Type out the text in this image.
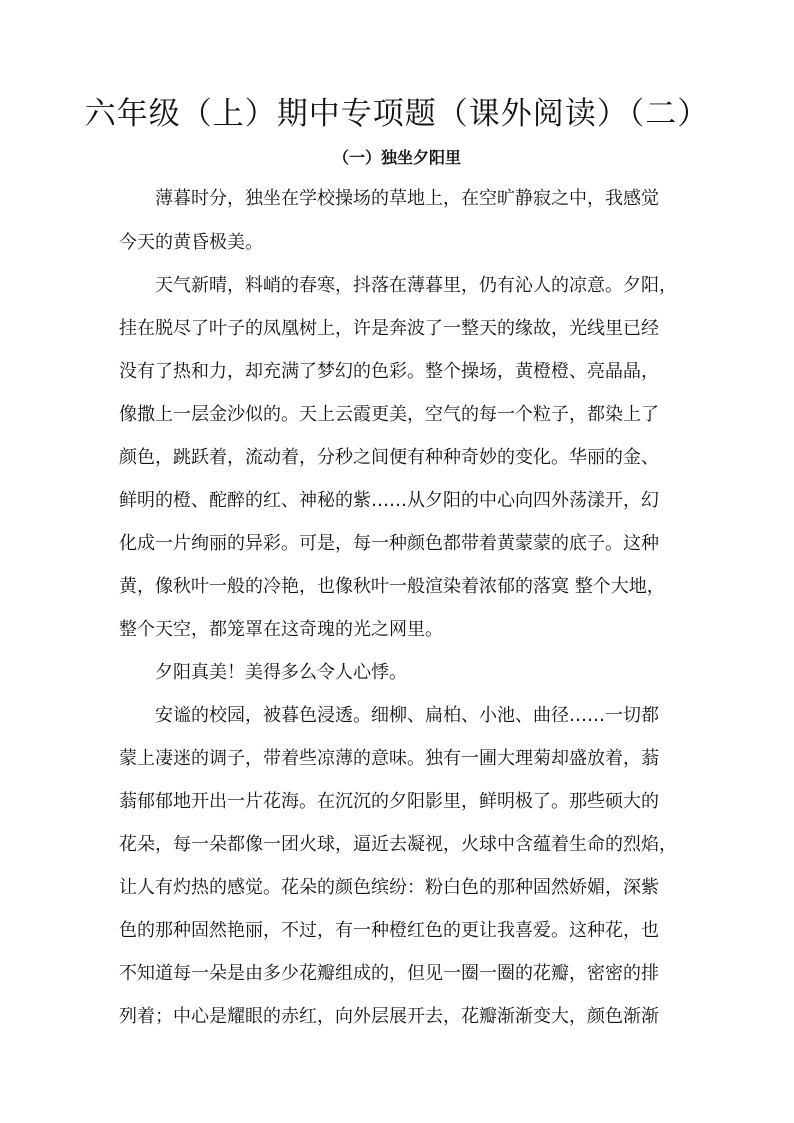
六年级（上）期中专项题（课外阅读）（二）
（一）独坐夕阳里

薄暮时分，独坐在学校操场的草地上，在空旷静寂之中，我感觉

今天的黄昏极美。

天气新晴，料峭的春寒，抖落在薄暮里，仍有沁人的凉意。夕阳，

挂在脱尽了叶子的凤凰树上，许是奔波了一整天的缘故，光线里已经

没有了热和力，却充满了梦幻的色彩。整个操场，黄橙橙、亮晶晶，

像撒上一层金沙似的。天上云霞更美，空气的每一个粒子，都染上了

颜色，跳跃着，流动着，分秒之间便有种种奇妙的变化。华丽的金、

鲜明的橙、酡醉的红、神秘的紫……从夕阳的中心向四外荡漾开，幻

化成一片绚丽的异彩。可是，每一种颜色都带着黄蒙蒙的底子。这种

黄，像秋叶一般的冷艳，也像秋叶一般渲染着浓郁的落寞 整个大地，

整个天空，都笼罩在这奇瑰的光之网里。

夕阳真美！美得多么令人心悸。

安谧的校园，被暮色浸透。细柳、扁柏、小池、曲径……一切都

蒙上凄迷的调子，带着些凉薄的意味。独有一圃大理菊却盛放着，蓊

蓊郁郁地开出一片花海。在沉沉的夕阳影里，鲜明极了。那些硕大的

花朵，每一朵都像一团火球，逼近去凝视，火球中含蕴着生命的烈焰，

让人有灼热的感觉。花朵的颜色缤纷：粉白色的那种固然娇媚，深紫

色的那种固然艳丽，不过，有一种橙红色的更让我喜爱。这种花，也

不知道每一朵是由多少花瓣组成的，但见一圈一圈的花瓣，密密的排

列着；中心是耀眼的赤红，向外层展开去，花瓣渐渐变大，颜色渐渐
